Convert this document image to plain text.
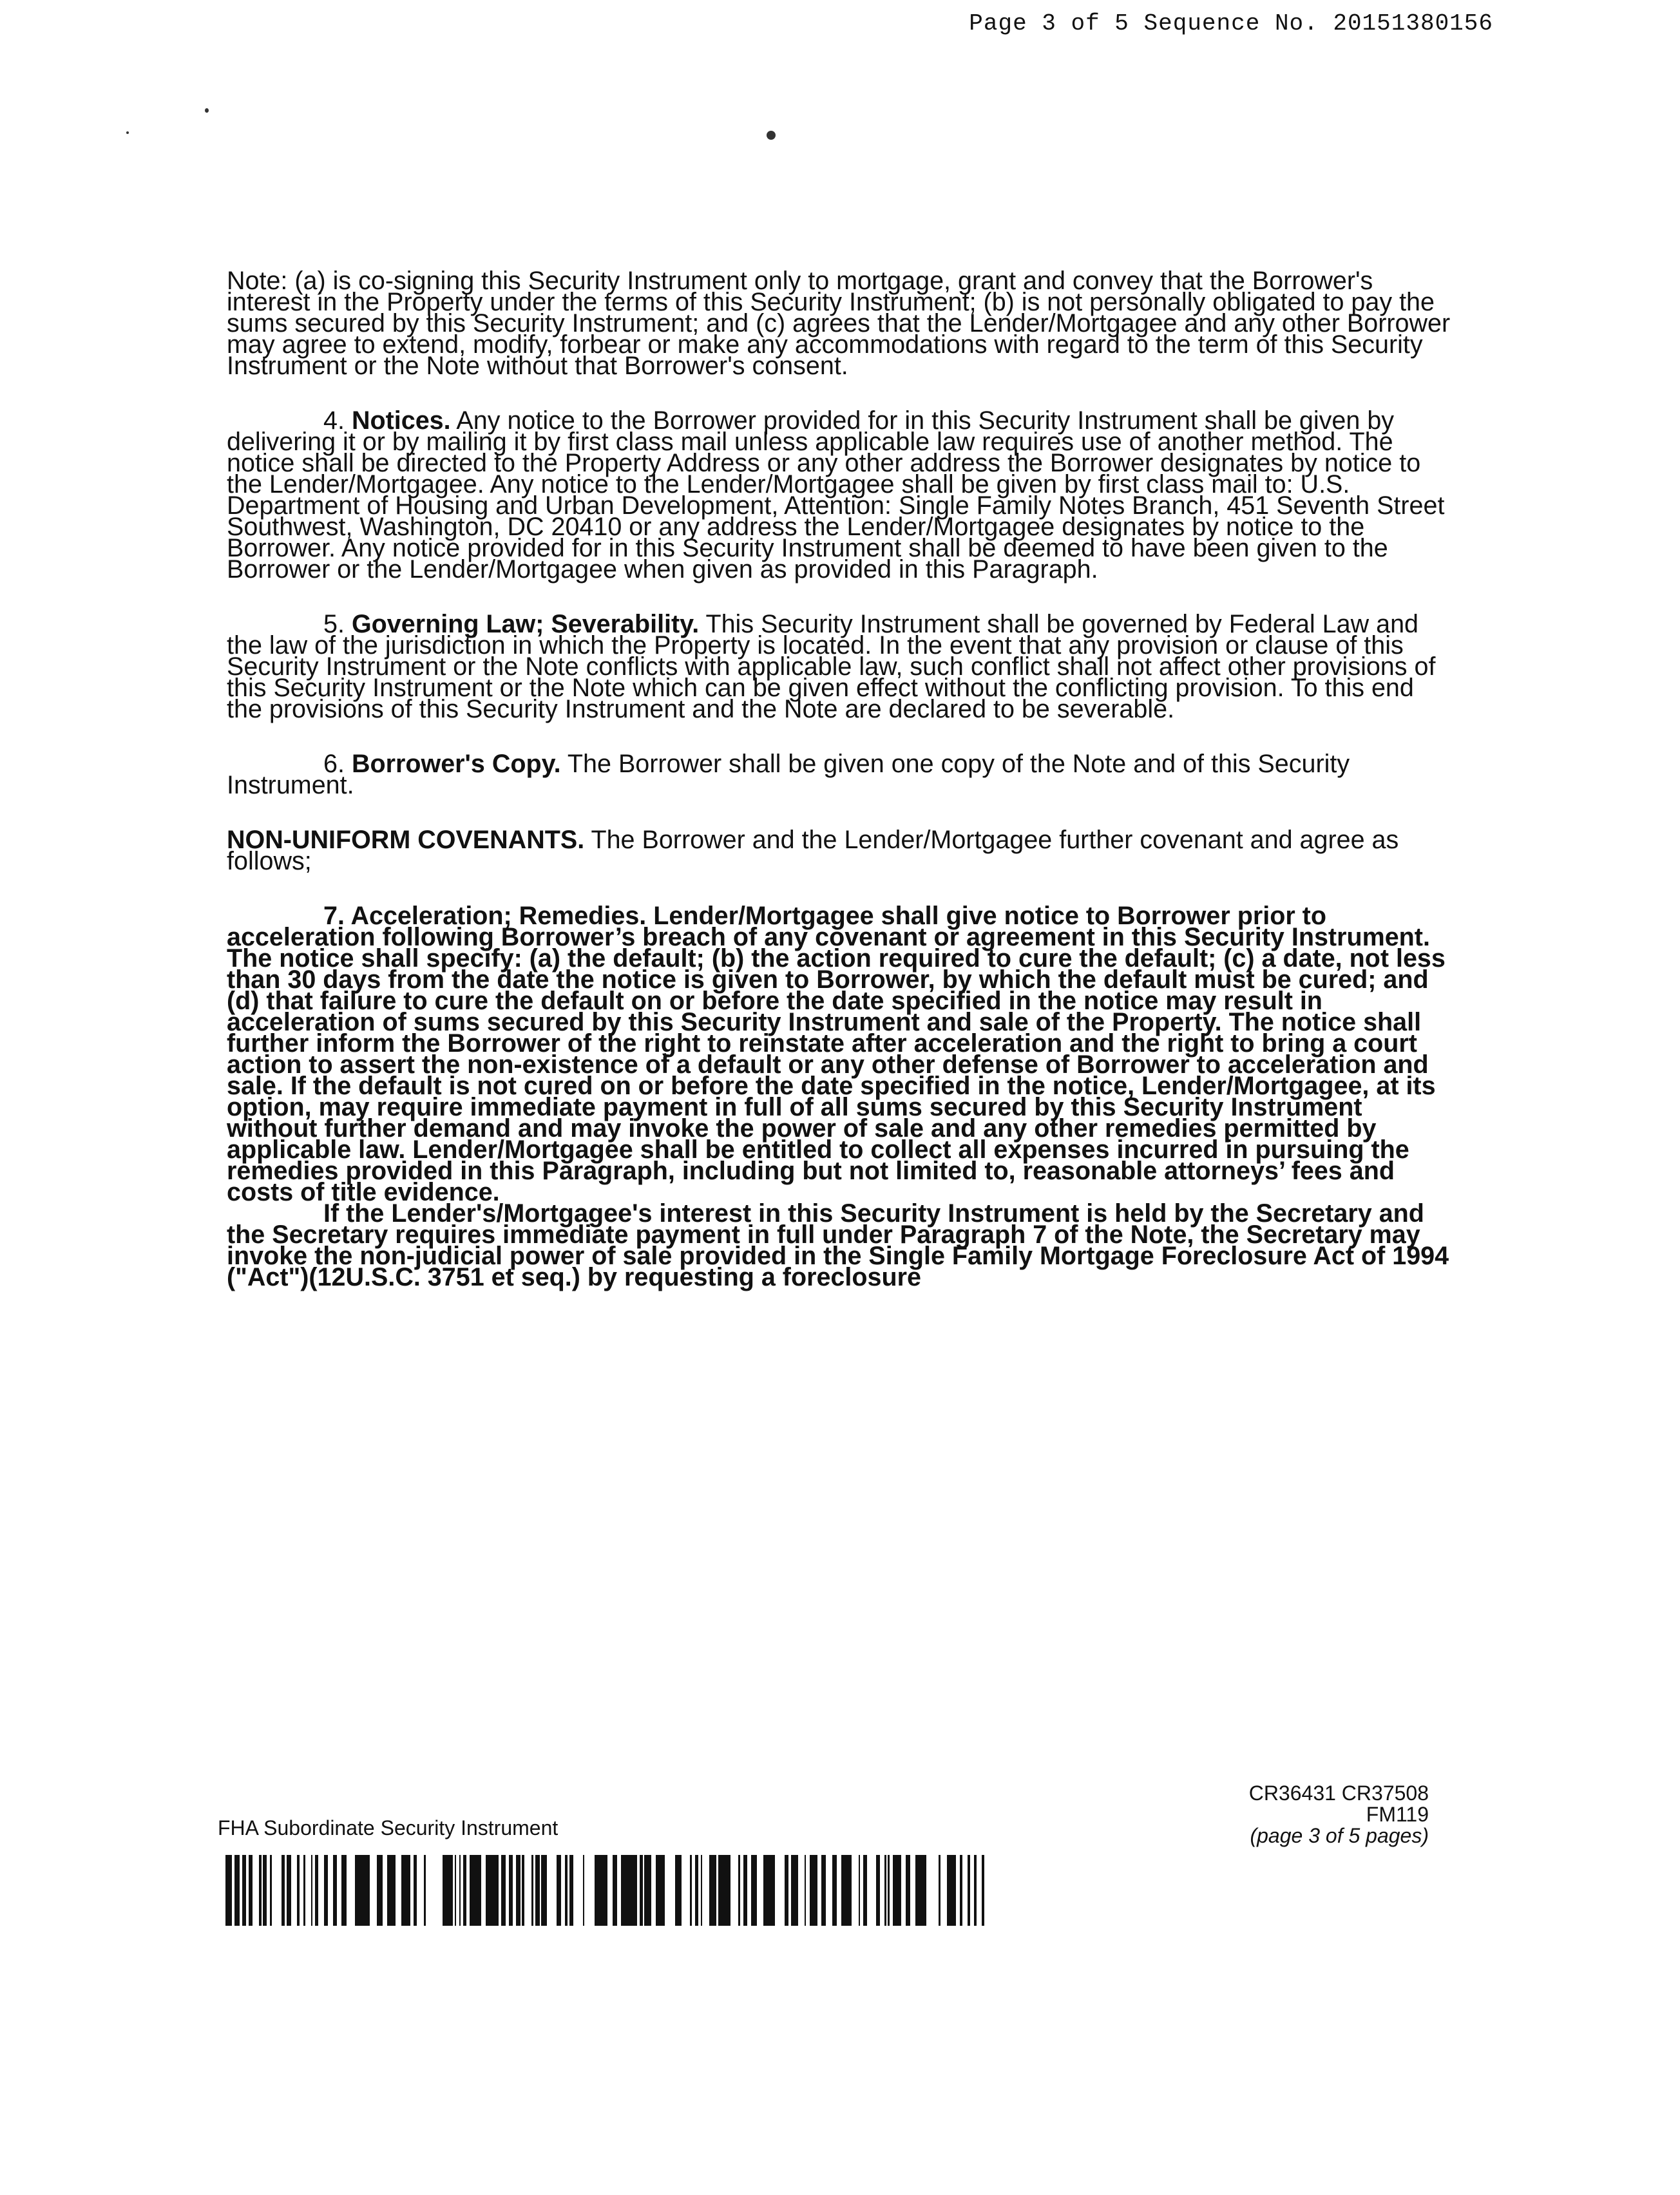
Page 3 of 5 Sequence No. 20151380156

Note: (a) is co-signing this Security Instrument only to mortgage, grant and convey that the Borrower's interest in the Property under the terms of this Security Instrument; (b) is not personally obligated to pay the sums secured by this Security Instrument; and (c) agrees that the Lender/Mortgagee and any other Borrower may agree to extend, modify, forbear or make any accommodations with regard to the term of this Security Instrument or the Note without that Borrower's consent.

4. Notices. Any notice to the Borrower provided for in this Security Instrument shall be given by delivering it or by mailing it by first class mail unless applicable law requires use of another method. The notice shall be directed to the Property Address or any other address the Borrower designates by notice to the Lender/Mortgagee. Any notice to the Lender/Mortgagee shall be given by first class mail to: U.S. Department of Housing and Urban Development, Attention: Single Family Notes Branch, 451 Seventh Street Southwest, Washington, DC 20410 or any address the Lender/Mortgagee designates by notice to the Borrower. Any notice provided for in this Security Instrument shall be deemed to have been given to the Borrower or the Lender/Mortgagee when given as provided in this Paragraph.

5. Governing Law; Severability. This Security Instrument shall be governed by Federal Law and the law of the jurisdiction in which the Property is located. In the event that any provision or clause of this Security Instrument or the Note conflicts with applicable law, such conflict shall not affect other provisions of this Security Instrument or the Note which can be given effect without the conflicting provision. To this end the provisions of this Security Instrument and the Note are declared to be severable.

6. Borrower's Copy. The Borrower shall be given one copy of the Note and of this Security Instrument.

NON-UNIFORM COVENANTS. The Borrower and the Lender/Mortgagee further covenant and agree as follows;

7. Acceleration; Remedies. Lender/Mortgagee shall give notice to Borrower prior to acceleration following Borrower’s breach of any covenant or agreement in this Security Instrument. The notice shall specify: (a) the default; (b) the action required to cure the default; (c) a date, not less than 30 days from the date the notice is given to Borrower, by which the default must be cured; and (d) that failure to cure the default on or before the date specified in the notice may result in acceleration of sums secured by this Security Instrument and sale of the Property. The notice shall further inform the Borrower of the right to reinstate after acceleration and the right to bring a court action to assert the non-existence of a default or any other defense of Borrower to acceleration and sale. If the default is not cured on or before the date specified in the notice, Lender/Mortgagee, at its option, may require immediate payment in full of all sums secured by this Security Instrument without further demand and may invoke the power of sale and any other remedies permitted by applicable law. Lender/Mortgagee shall be entitled to collect all expenses incurred in pursuing the remedies provided in this Paragraph, including but not limited to, reasonable attorneys’ fees and costs of title evidence.

If the Lender's/Mortgagee's interest in this Security Instrument is held by the Secretary and the Secretary requires immediate payment in full under Paragraph 7 of the Note, the Secretary may invoke the non-judicial power of sale provided in the Single Family Mortgage Foreclosure Act of 1994 ("Act")(12U.S.C. 3751 et seq.) by requesting a foreclosure

FHA Subordinate Security Instrument
CR36431 CR37508
FM119
(page 3 of 5 pages)
